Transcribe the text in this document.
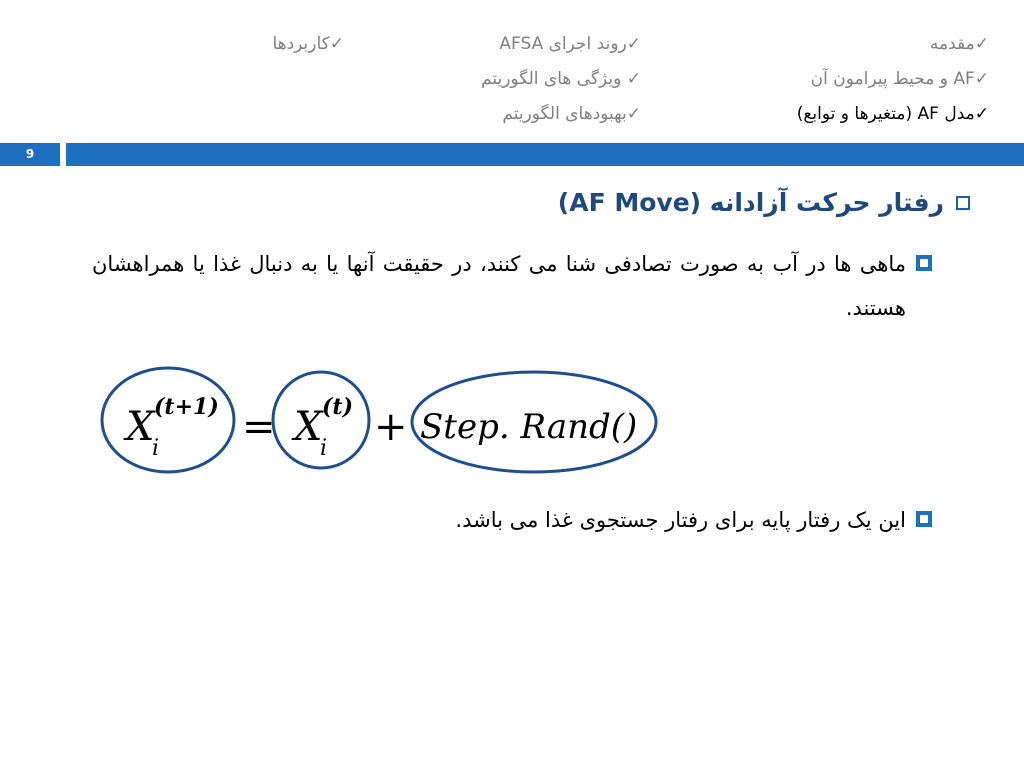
✓مقدمه
✓AF و محیط پیرامون آن
✓مدل AF (متغیرها و توابع)
✓روند اجرای AFSA
✓ ویژگی های الگوریتم
✓بهبودهای الگوریتم
✓کاربردها
9
رفتار حرکت آزادانه (AF Move)
ماهی ها در آب به صورت تصادفی شنا می کنند، در حقیقت آنها یا به دنبال غذا یا همراهشان هستند.
X
i
(t+1) = X
i
(t) + Step. Rand()
این یک رفتار پایه برای رفتار جستجوی غذا می باشد.
